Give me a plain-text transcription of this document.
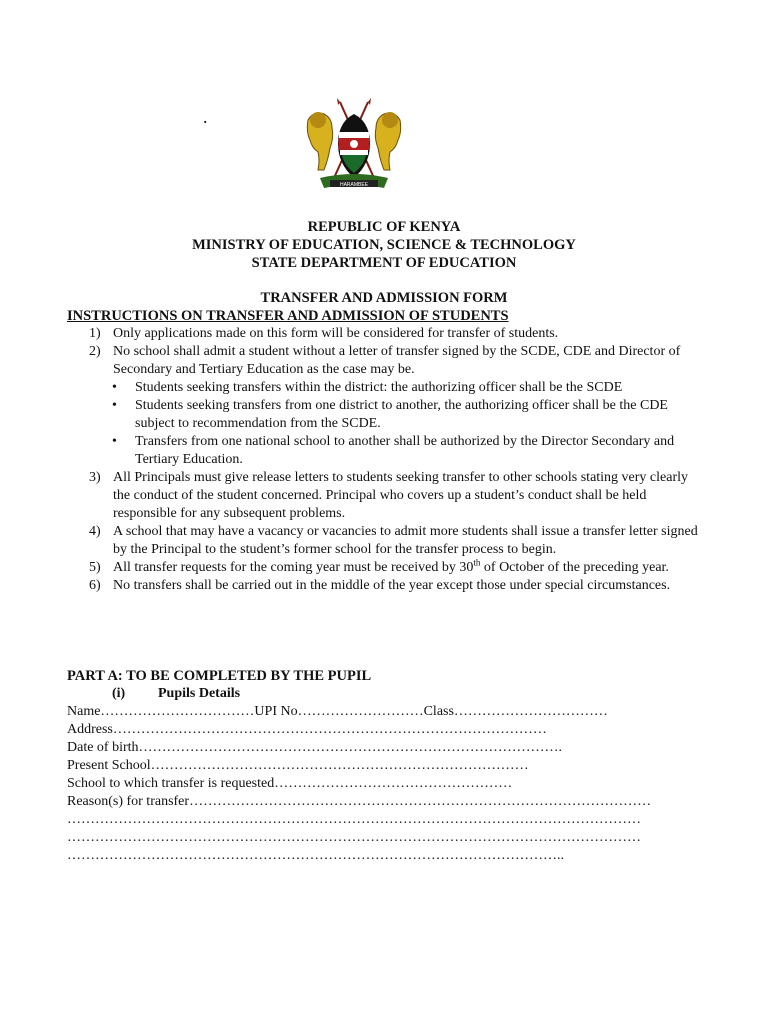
.
HARAMBEE
REPUBLIC OF KENYA
MINISTRY OF EDUCATION, SCIENCE & TECHNOLOGY
STATE DEPARTMENT OF EDUCATION
TRANSFER AND ADMISSION FORM
INSTRUCTIONS ON TRANSFER AND ADMISSION OF STUDENTS
1) Only applications made on this form will be considered for transfer of students.
2) No school shall admit a student without a letter of transfer signed by the SCDE, CDE and Director of Secondary and Tertiary Education as the case may be.
• Students seeking transfers within the district: the authorizing officer shall be the SCDE
• Students seeking transfers from one district to another, the authorizing officer shall be the CDE subject to recommendation from the SCDE.
• Transfers from one national school to another shall be authorized by the Director Secondary and Tertiary Education.
3) All Principals must give release letters to students seeking transfer to other schools stating very clearly the conduct of the student concerned. Principal who covers up a student’s conduct shall be held responsible for any subsequent problems.
4) A school that may have a vacancy or vacancies to admit more students shall issue a transfer letter signed by the Principal to the student’s former school for the transfer process to begin.
5) All transfer requests for the coming year must be received by 30th of October of the preceding year.
6) No transfers shall be carried out in the middle of the year except those under special circumstances.
PART A: TO BE COMPLETED BY THE PUPIL
(i) Pupils Details
Name……………………………UPI No………………………Class……………………………
Address…………………………………………………………………………………
Date of birth……………………………………………………………………………….
Present School………………………………………………………………………
School to which transfer is requested……………………………………………
Reason(s) for transfer………………………………………………………………………………………
……………………………………………………………………………………………………………
……………………………………………………………………………………………………………
……………………………………………………………………………………………..
